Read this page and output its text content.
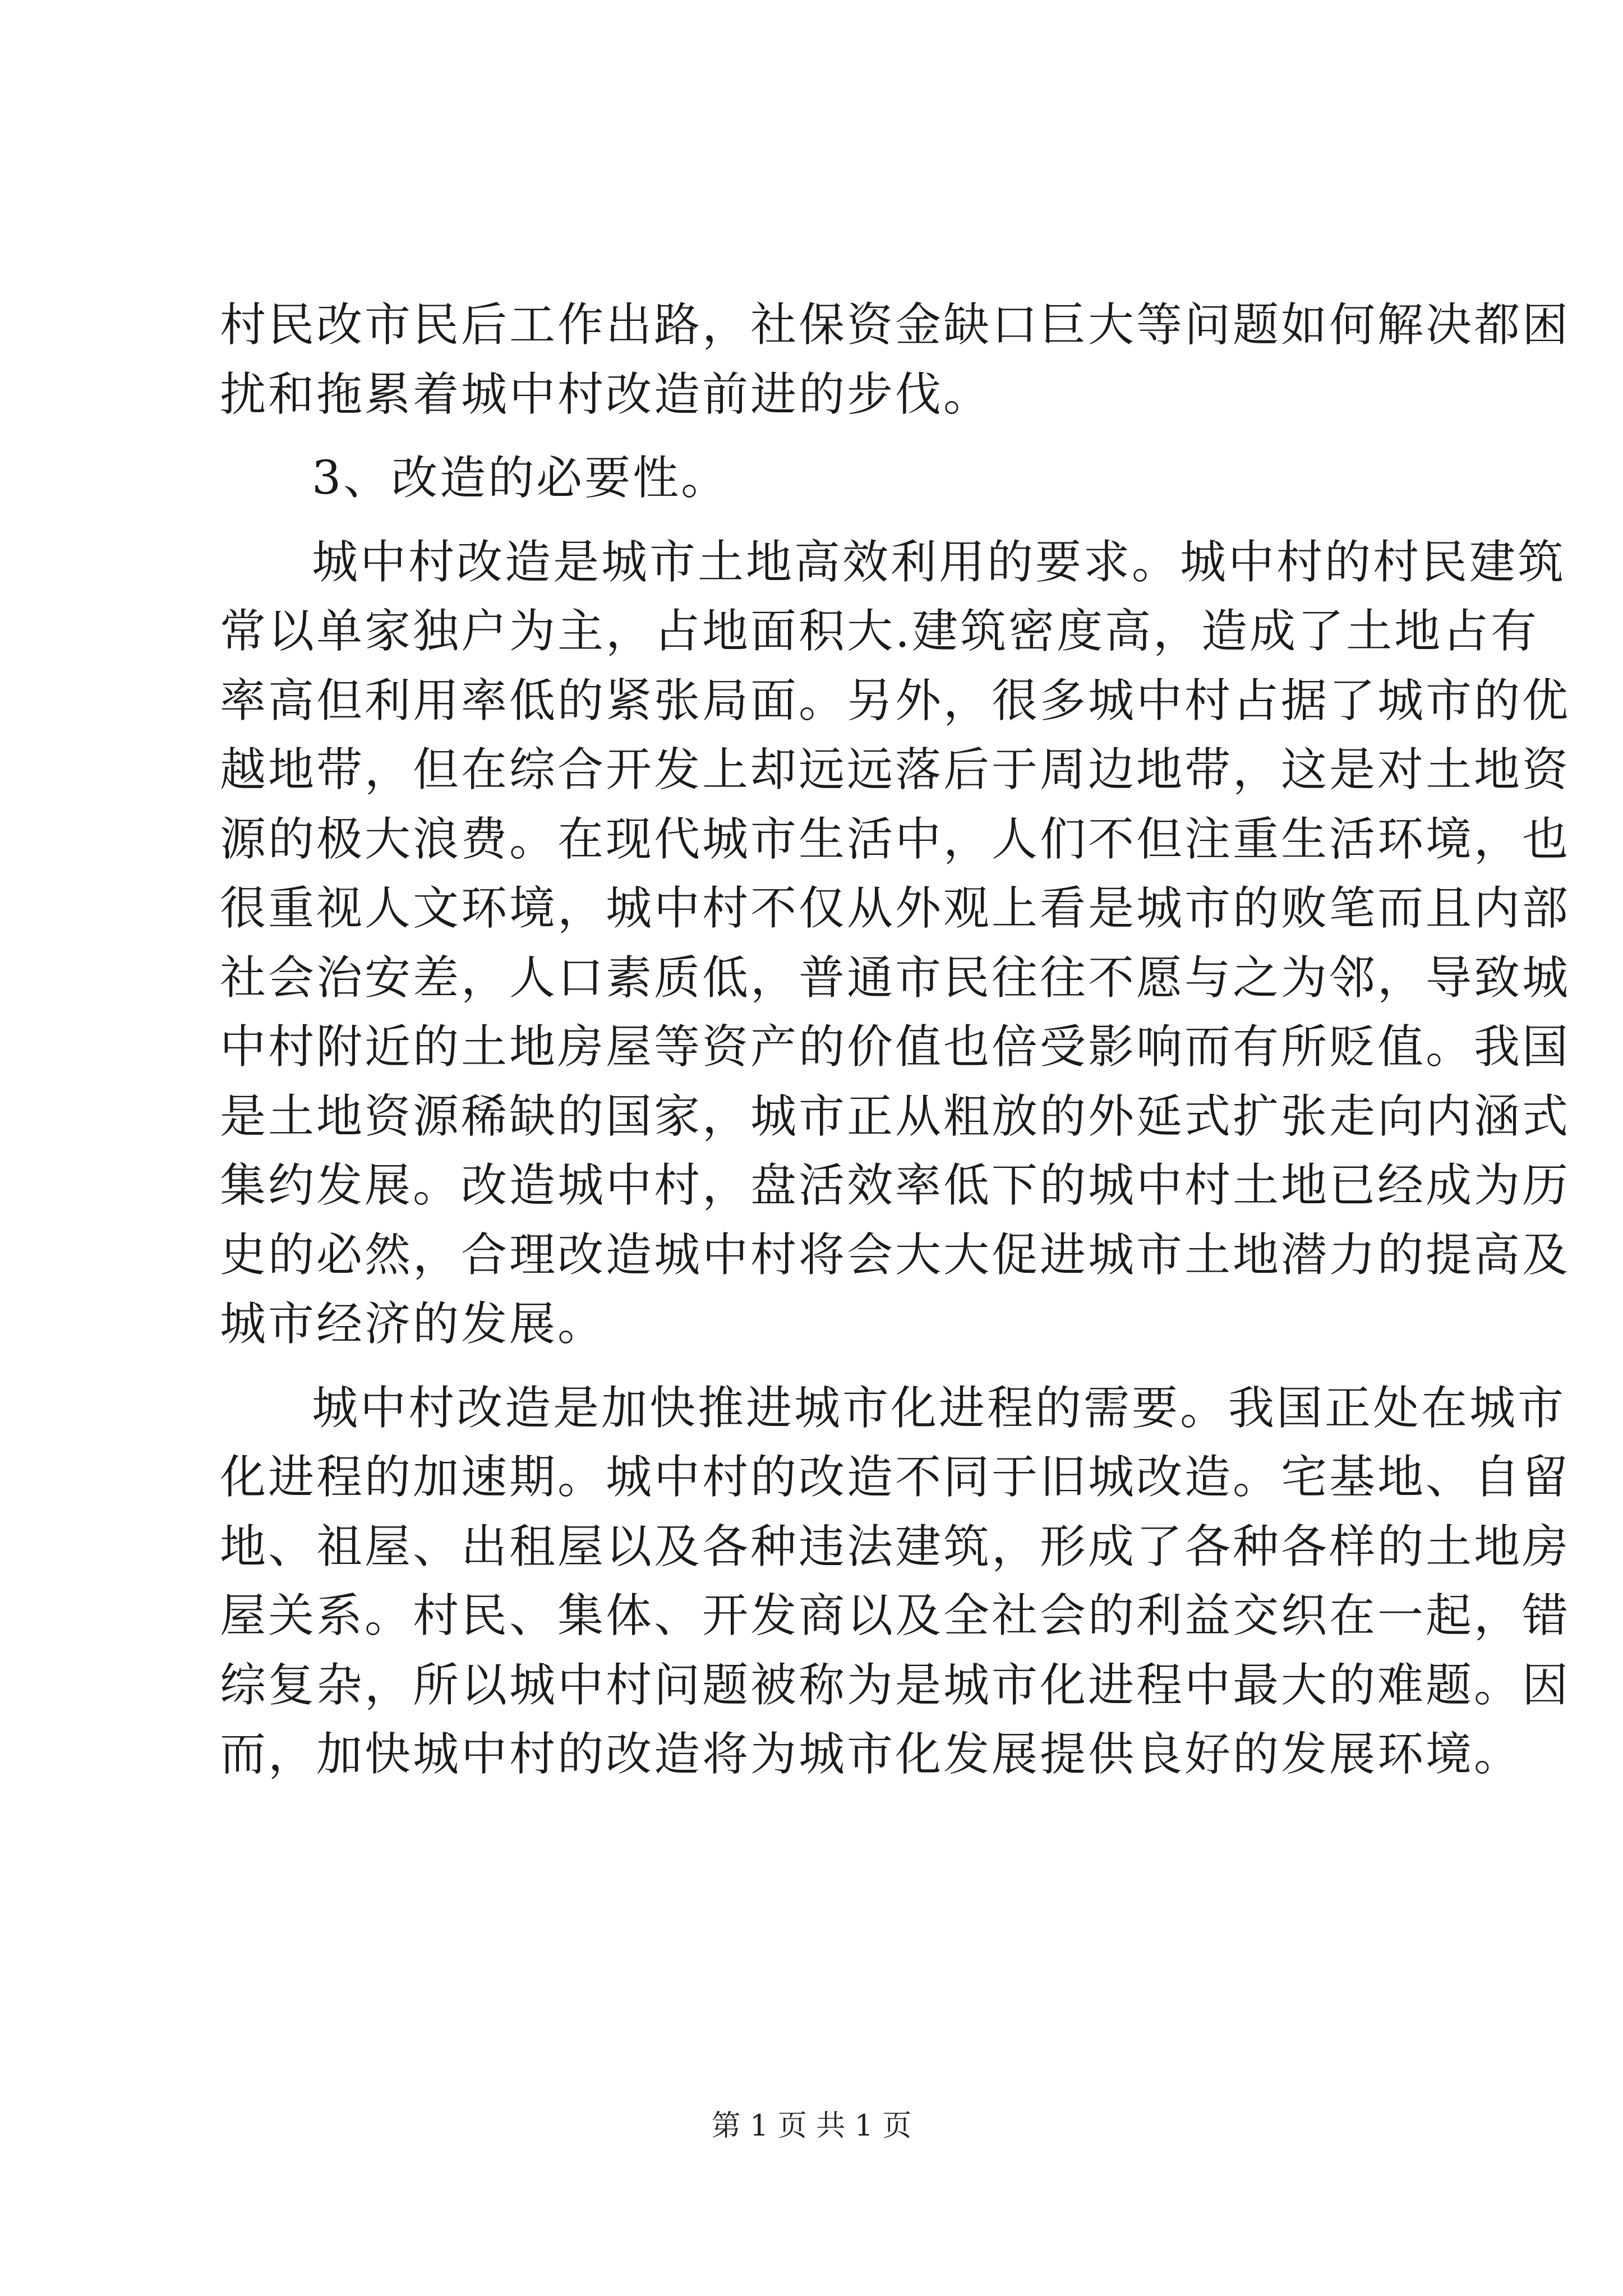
村民改市民后工作出路，社保资金缺口巨大等问题如何解决都困
扰和拖累着城中村改造前进的步伐。
3、改造的必要性。
城中村改造是城市土地高效利用的要求。城中村的村民建筑
常以单家独户为主，占地面积大.建筑密度高，造成了土地占有
率高但利用率低的紧张局面。另外，很多城中村占据了城市的优
越地带，但在综合开发上却远远落后于周边地带，这是对土地资
源的极大浪费。在现代城市生活中，人们不但注重生活环境，也
很重视人文环境，城中村不仅从外观上看是城市的败笔而且内部
社会治安差，人口素质低，普通市民往往不愿与之为邻，导致城
中村附近的土地房屋等资产的价值也倍受影响而有所贬值。我国
是土地资源稀缺的国家，城市正从粗放的外延式扩张走向内涵式
集约发展。改造城中村，盘活效率低下的城中村土地已经成为历
史的必然，合理改造城中村将会大大促进城市土地潜力的提高及
城市经济的发展。
城中村改造是加快推进城市化进程的需要。我国正处在城市
化进程的加速期。城中村的改造不同于旧城改造。宅基地、自留
地、祖屋、出租屋以及各种违法建筑，形成了各种各样的土地房
屋关系。村民、集体、开发商以及全社会的利益交织在一起，错
综复杂，所以城中村问题被称为是城市化进程中最大的难题。因
而，加快城中村的改造将为城市化发展提供良好的发展环境。
第 1 页 共 1 页
